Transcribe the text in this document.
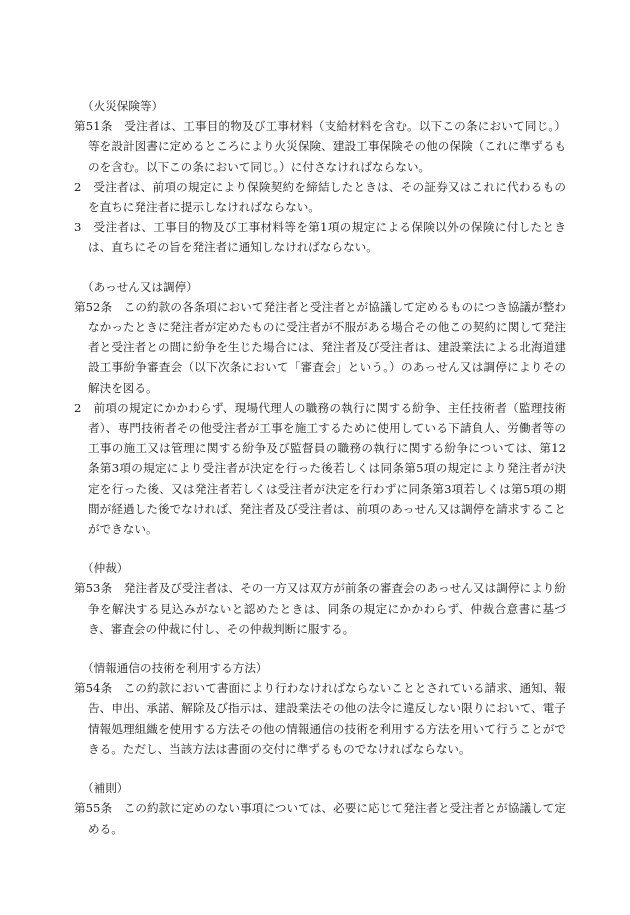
（火災保険等）
第51条　受注者は、工事目的物及び工事材料（支給材料を含む。以下この条において同じ。）等を設計図書に定めるところにより火災保険、建設工事保険その他の保険（これに準ずるものを含む。以下この条において同じ。）に付さなければならない。
2　受注者は、前項の規定により保険契約を締結したときは、その証券又はこれに代わるものを直ちに発注者に提示しなければならない。
3　受注者は、工事目的物及び工事材料等を第1項の規定による保険以外の保険に付したときは、直ちにその旨を発注者に通知しなければならない。
（あっせん又は調停）
第52条　この約款の各条項において発注者と受注者とが協議して定めるものにつき協議が整わなかったときに発注者が定めたものに受注者が不服がある場合その他この契約に関して発注者と受注者との間に紛争を生じた場合には、発注者及び受注者は、建設業法による北海道建設工事紛争審査会（以下次条において「審査会」という。）のあっせん又は調停によりその解決を図る。
2　前項の規定にかかわらず、現場代理人の職務の執行に関する紛争、主任技術者（監理技術者）、専門技術者その他受注者が工事を施工するために使用している下請負人、労働者等の工事の施工又は管理に関する紛争及び監督員の職務の執行に関する紛争については、第12条第3項の規定により受注者が決定を行った後若しくは同条第5項の規定により発注者が決定を行った後、又は発注者若しくは受注者が決定を行わずに同条第3項若しくは第5項の期間が経過した後でなければ、発注者及び受注者は、前項のあっせん又は調停を請求することができない。
（仲裁）
第53条　発注者及び受注者は、その一方又は双方が前条の審査会のあっせん又は調停により紛争を解決する見込みがないと認めたときは、同条の規定にかかわらず、仲裁合意書に基づき、審査会の仲裁に付し、その仲裁判断に服する。
（情報通信の技術を利用する方法）
第54条　この約款において書面により行わなければならないこととされている請求、通知、報告、申出、承諾、解除及び指示は、建設業法その他の法令に違反しない限りにおいて、電子情報処理組織を使用する方法その他の情報通信の技術を利用する方法を用いて行うことができる。ただし、当該方法は書面の交付に準ずるものでなければならない。
（補則）
第55条　この約款に定めのない事項については、必要に応じて発注者と受注者とが協議して定める。
